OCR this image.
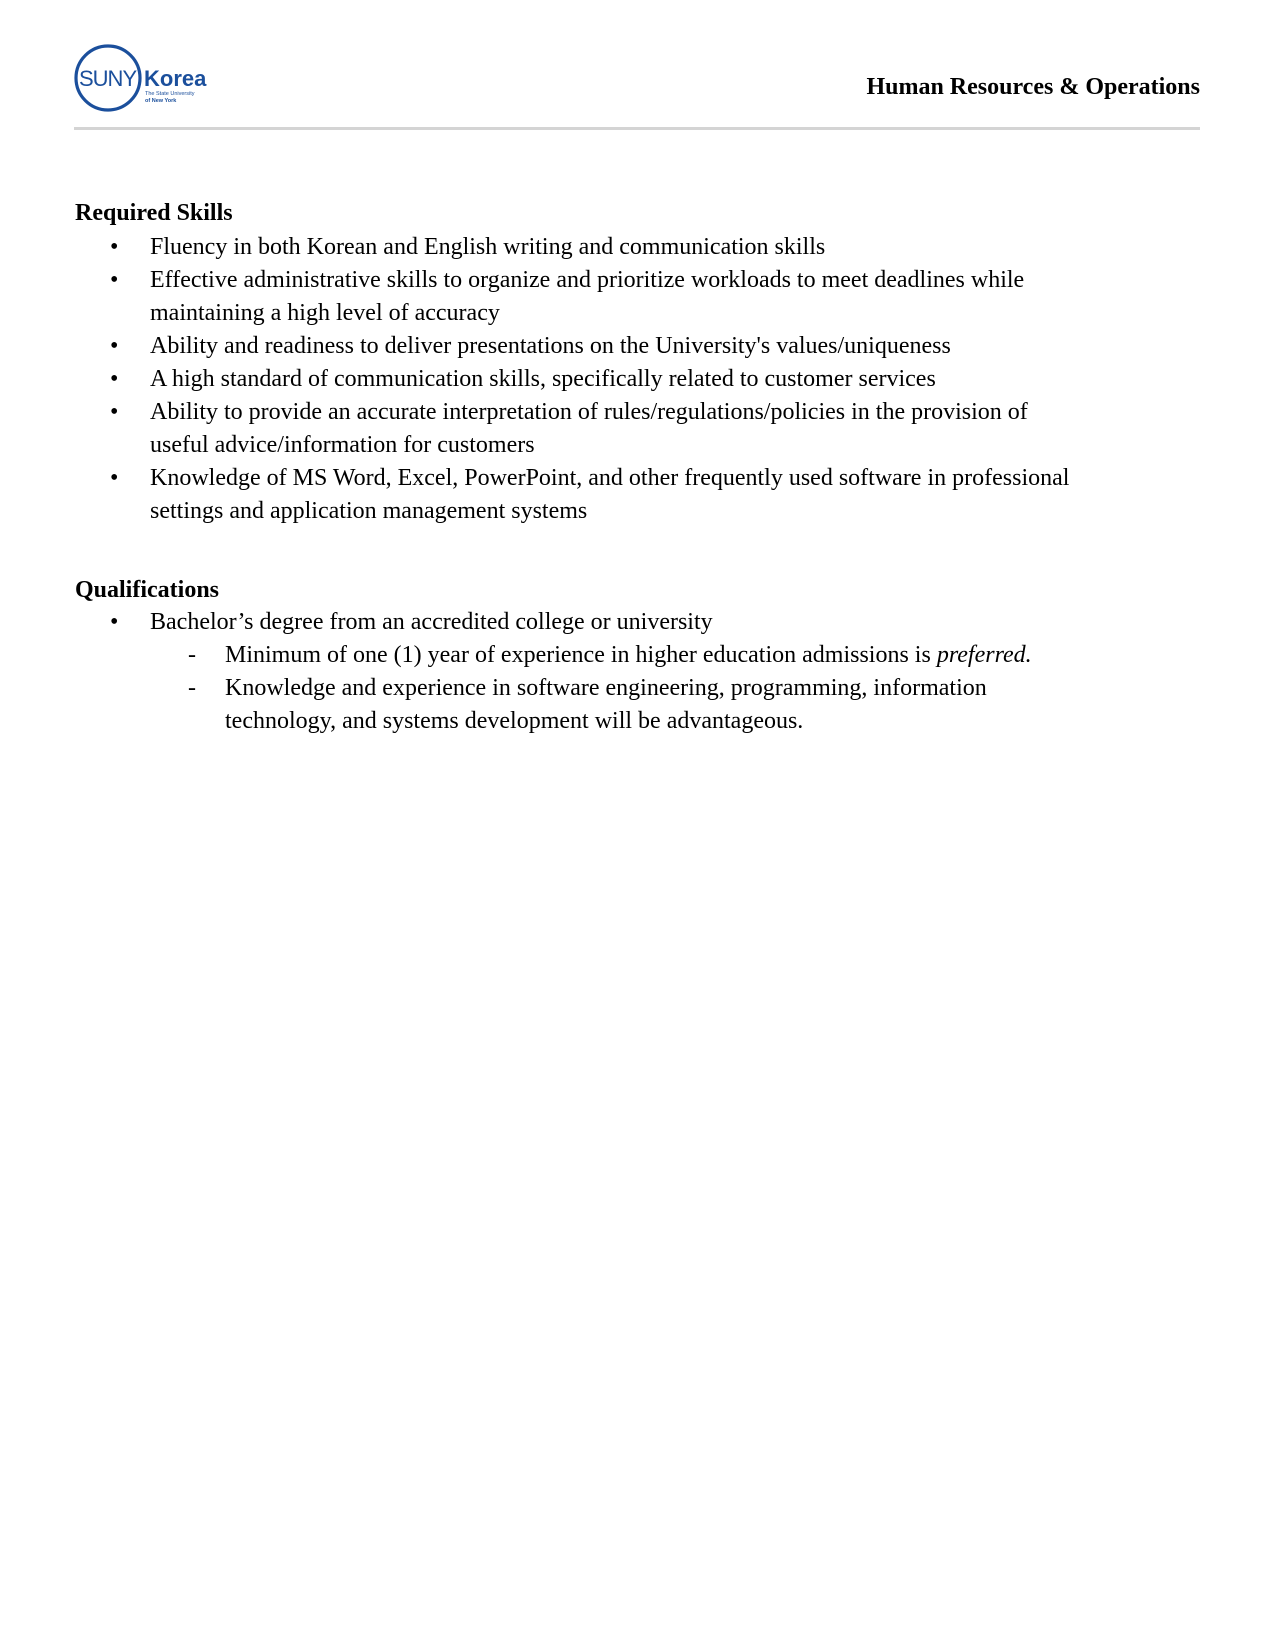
SUNY Korea
The State University
of New York
Human Resources & Operations
Required Skills
• Fluency in both Korean and English writing and communication skills
• Effective administrative skills to organize and prioritize workloads to meet deadlines while maintaining a high level of accuracy
• Ability and readiness to deliver presentations on the University's values/uniqueness
• A high standard of communication skills, specifically related to customer services
• Ability to provide an accurate interpretation of rules/regulations/policies in the provision of useful advice/information for customers
• Knowledge of MS Word, Excel, PowerPoint, and other frequently used software in professional settings and application management systems
Qualifications
• Bachelor’s degree from an accredited college or university
- Minimum of one (1) year of experience in higher education admissions is preferred.
- Knowledge and experience in software engineering, programming, information technology, and systems development will be advantageous.
